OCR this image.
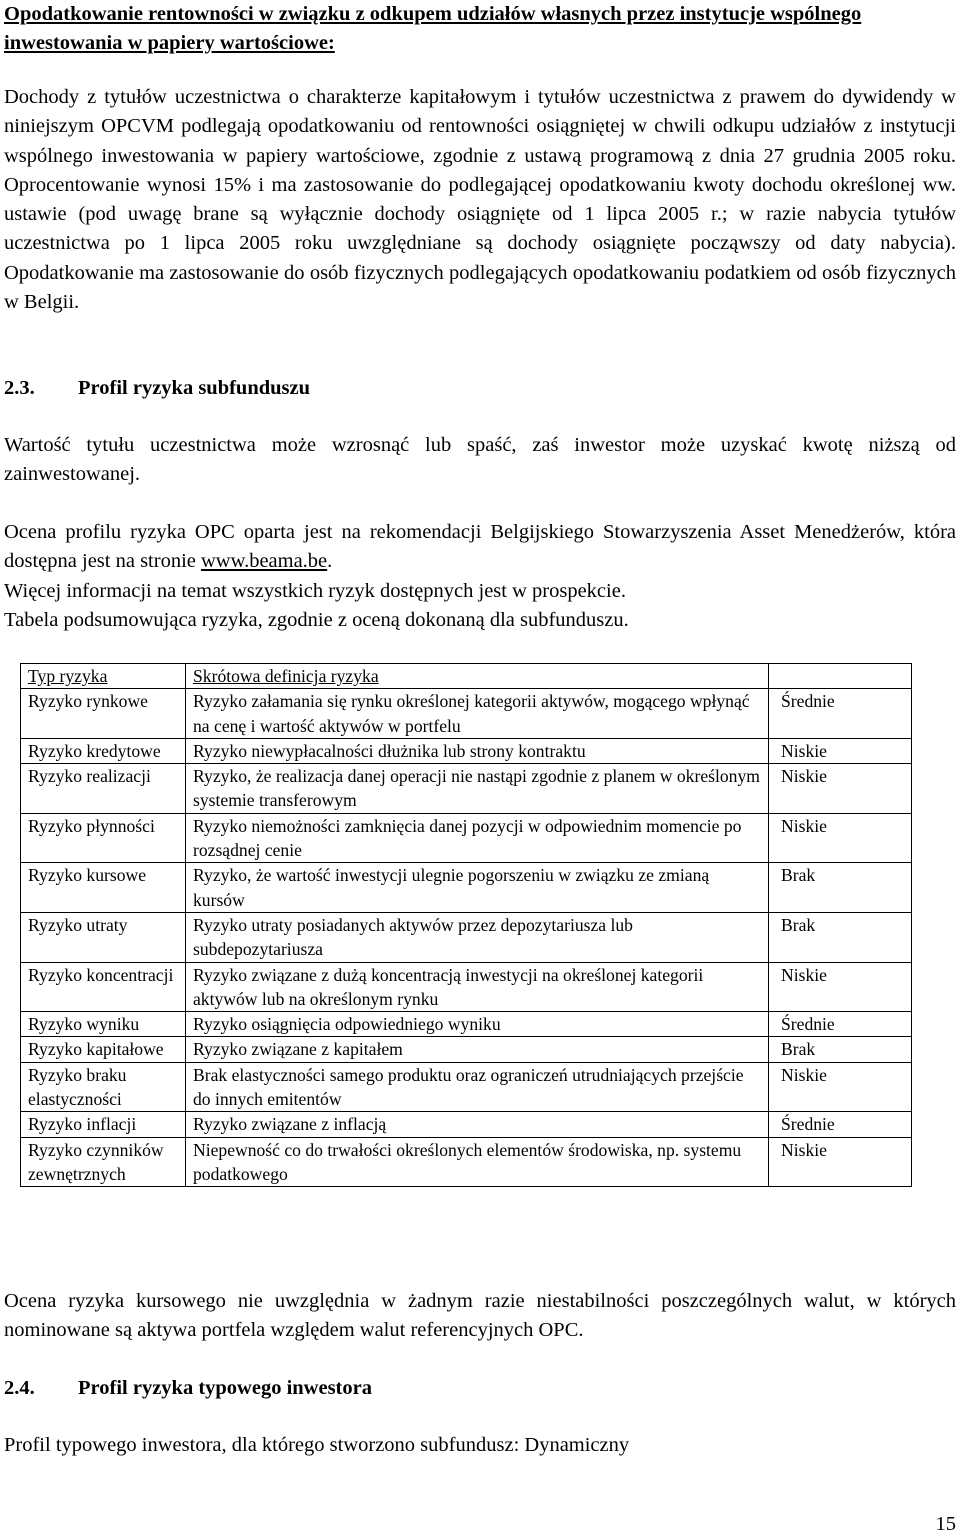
Opodatkowanie rentowności w związku z odkupem udziałów własnych przez instytucje wspólnego inwestowania w papiery wartościowe:
Dochody z tytułów uczestnictwa o charakterze kapitałowym i tytułów uczestnictwa z prawem do dywidendy w niniejszym OPCVM podlegają opodatkowaniu od rentowności osiągniętej w chwili odkupu udziałów z instytucji wspólnego inwestowania w papiery wartościowe, zgodnie z ustawą programową z dnia 27 grudnia 2005 roku. Oprocentowanie wynosi 15% i ma zastosowanie do podlegającej opodatkowaniu kwoty dochodu określonej ww. ustawie (pod uwagę brane są wyłącznie dochody osiągnięte od 1 lipca 2005 r.; w razie nabycia tytułów uczestnictwa po 1 lipca 2005 roku uwzględniane są dochody osiągnięte począwszy od daty nabycia). Opodatkowanie ma zastosowanie do osób fizycznych podlegających opodatkowaniu podatkiem od osób fizycznych w Belgii.
2.3. Profil ryzyka subfunduszu
Wartość tytułu uczestnictwa może wzrosnąć lub spaść, zaś inwestor może uzyskać kwotę niższą od zainwestowanej.
Ocena profilu ryzyka OPC oparta jest na rekomendacji Belgijskiego Stowarzyszenia Asset Menedżerów, która dostępna jest na stronie www.beama.be.
Więcej informacji na temat wszystkich ryzyk dostępnych jest w prospekcie.
Tabela podsumowująca ryzyka, zgodnie z oceną dokonaną dla subfunduszu.
Typ ryzyka	Skrótowa definicja ryzyka	
Ryzyko rynkowe	Ryzyko załamania się rynku określonej kategorii aktywów, mogącego wpłynąć na cenę i wartość aktywów w portfelu	Średnie
Ryzyko kredytowe	Ryzyko niewypłacalności dłużnika lub strony kontraktu	Niskie
Ryzyko realizacji	Ryzyko, że realizacja danej operacji nie nastąpi zgodnie z planem w określonym systemie transferowym	Niskie
Ryzyko płynności	Ryzyko niemożności zamknięcia danej pozycji w odpowiednim momencie po rozsądnej cenie	Niskie
Ryzyko kursowe	Ryzyko, że wartość inwestycji ulegnie pogorszeniu w związku ze zmianą kursów	Brak
Ryzyko utraty	Ryzyko utraty posiadanych aktywów przez depozytariusza lub subdepozytariusza	Brak
Ryzyko koncentracji	Ryzyko związane z dużą koncentracją inwestycji na określonej kategorii aktywów lub na określonym rynku	Niskie
Ryzyko wyniku	Ryzyko osiągnięcia odpowiedniego wyniku	Średnie
Ryzyko kapitałowe	Ryzyko związane z kapitałem	Brak
Ryzyko braku elastyczności	Brak elastyczności samego produktu oraz ograniczeń utrudniających przejście do innych emitentów	Niskie
Ryzyko inflacji	Ryzyko związane z inflacją	Średnie
Ryzyko czynników zewnętrznych	Niepewność co do trwałości określonych elementów środowiska, np. systemu podatkowego	Niskie
Ocena ryzyka kursowego nie uwzględnia w żadnym razie niestabilności poszczególnych walut, w których nominowane są aktywa portfela względem walut referencyjnych OPC.
2.4. Profil ryzyka typowego inwestora
Profil typowego inwestora, dla którego stworzono subfundusz: Dynamiczny
15
